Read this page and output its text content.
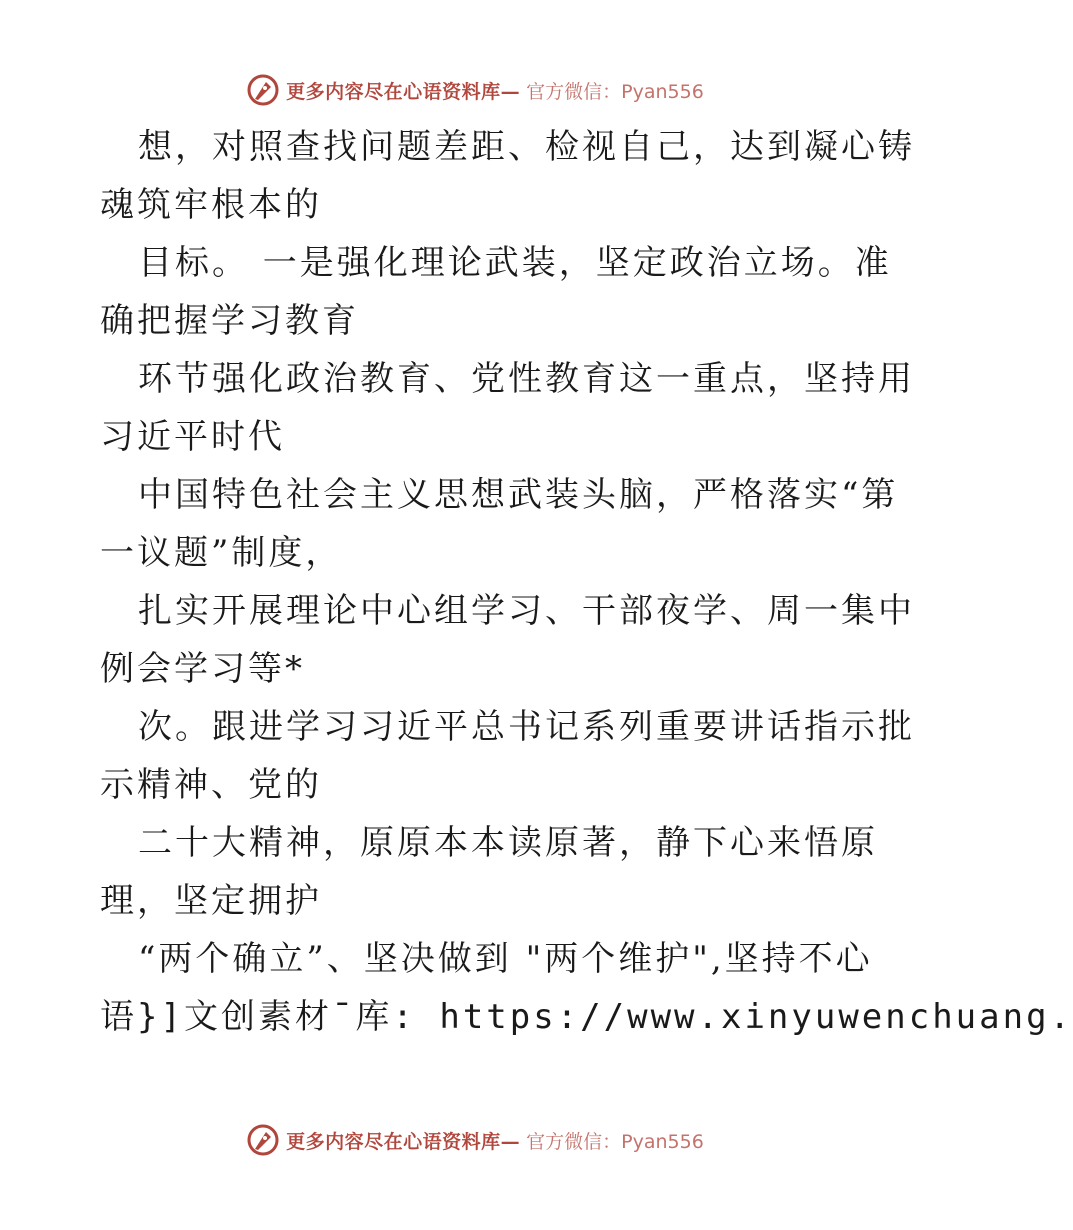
更多内容尽在心语资料库— 官方微信：Pyan556
想，对照查找问题差距、检视自己，达到凝心铸
魂筑牢根本的
目标。 一是强化理论武装，坚定政治立场。准
确把握学习教育
环节强化政治教育、党性教育这一重点，坚持用
习近平时代
中国特色社会主义思想武装头脑，严格落实“第
一议题”制度，
扎实开展理论中心组学习、干部夜学、周一集中
例会学习等*
次。跟进学习习近平总书记系列重要讲话指示批
示精神、党的
二十大精神，原原本本读原著，静下心来悟原
理，坚定拥护
“两个确立”、坚决做到 "两个维护",坚持不心
语}]文创素材¯库: https://www.xinyuwenchuang.
更多内容尽在心语资料库— 官方微信：Pyan556
